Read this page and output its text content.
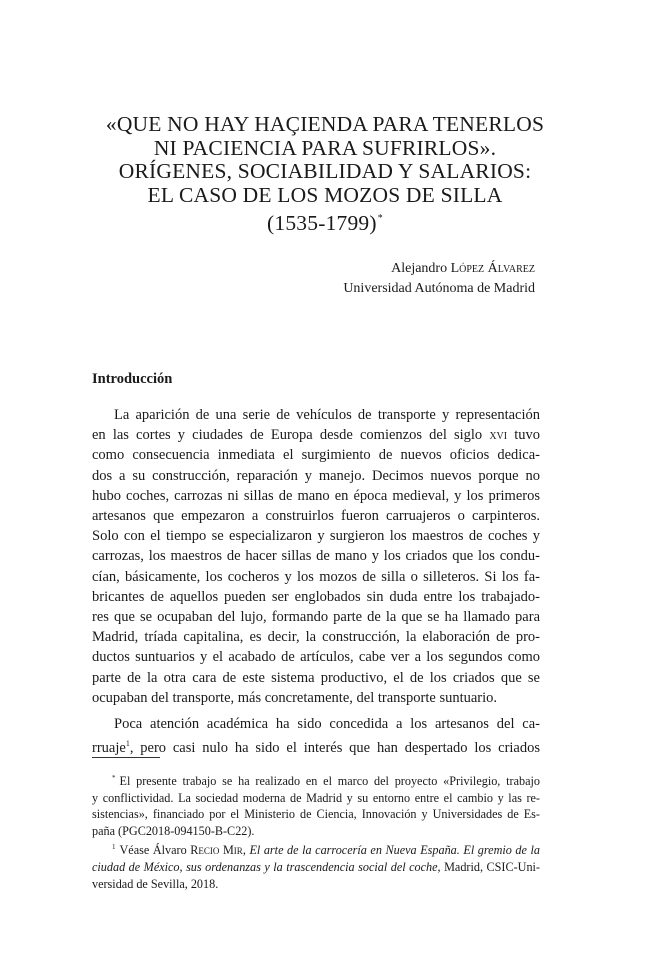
«QUE NO HAY HAÇIENDA PARA TENERLOS
NI PACIENCIA PARA SUFRIRLOS».
ORÍGENES, SOCIABILIDAD Y SALARIOS:
EL CASO DE LOS MOZOS DE SILLA
(1535-1799)*
Alejandro López Álvarez
Universidad Autónoma de Madrid
Introducción
La aparición de una serie de vehículos de transporte y representación
en las cortes y ciudades de Europa desde comienzos del siglo xvi tuvo
como consecuencia inmediata el surgimiento de nuevos oficios dedica-
dos a su construcción, reparación y manejo. Decimos nuevos porque no
hubo coches, carrozas ni sillas de mano en época medieval, y los primeros
artesanos que empezaron a construirlos fueron carruajeros o carpinteros.
Solo con el tiempo se especializaron y surgieron los maestros de coches y
carrozas, los maestros de hacer sillas de mano y los criados que los condu-
cían, básicamente, los cocheros y los mozos de silla o silleteros. Si los fa-
bricantes de aquellos pueden ser englobados sin duda entre los trabajado-
res que se ocupaban del lujo, formando parte de la que se ha llamado para
Madrid, tríada capitalina, es decir, la construcción, la elaboración de pro-
ductos suntuarios y el acabado de artículos, cabe ver a los segundos como
parte de la otra cara de este sistema productivo, el de los criados que se
ocupaban del transporte, más concretamente, del transporte suntuario.
Poca atención académica ha sido concedida a los artesanos del ca-
rruaje$^1$, pero casi nulo ha sido el interés que han despertado los criados
* El presente trabajo se ha realizado en el marco del proyecto «Privilegio, trabajo
y conflictividad. La sociedad moderna de Madrid y su entorno entre el cambio y las re-
sistencias», financiado por el Ministerio de Ciencia, Innovación y Universidades de Es-
paña (PGC2018-094150-B-C22).
$^1$ Véase Álvaro Recio Mir, El arte de la carrocería en Nueva España. El gremio de la
ciudad de México, sus ordenanzas y la trascendencia social del coche, Madrid, CSIC-Uni-
versidad de Sevilla, 2018.
